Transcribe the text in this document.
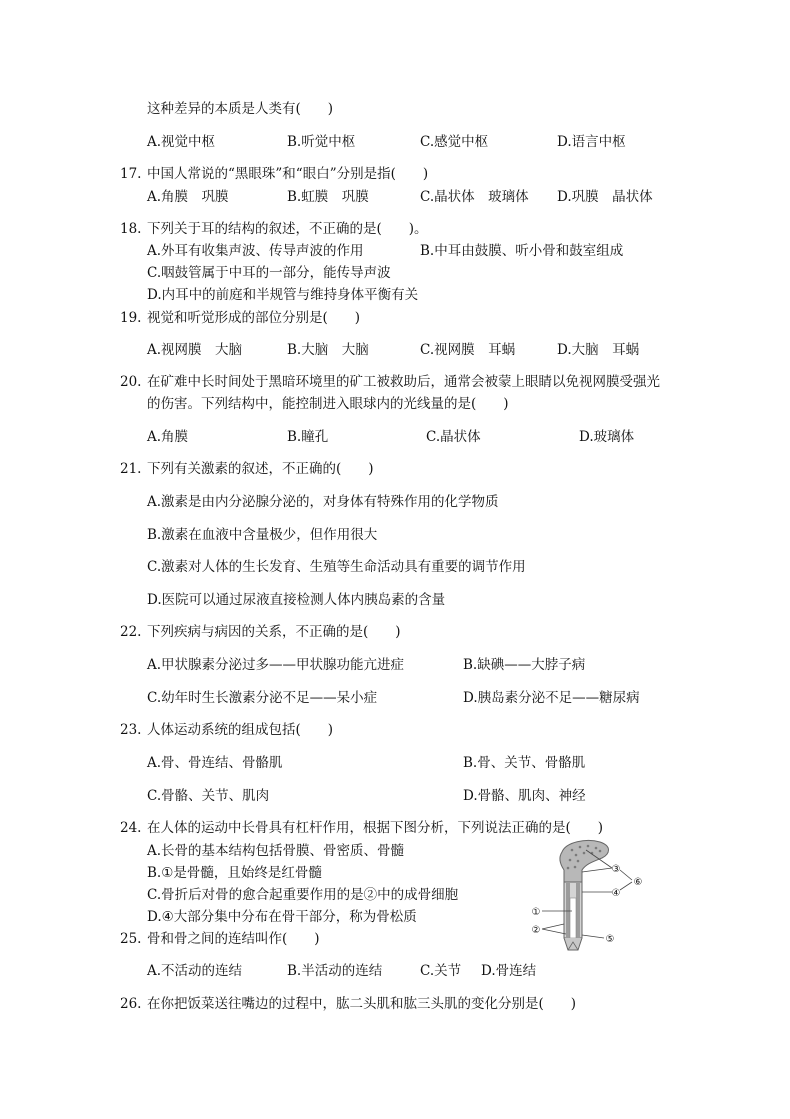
这种差异的本质是人类有(　　)
A.视觉中枢	B.听觉中枢	C.感觉中枢	D.语言中枢
17. 中国人常说的“黑眼珠”和“眼白”分别是指(　　)
A.角膜　巩膜	B.虹膜　巩膜	C.晶状体　玻璃体 D.巩膜　晶状体
18. 下列关于耳的结构的叙述，不正确的是(　　)。
A.外耳有收集声波、传导声波的作用	B.中耳由鼓膜、听小骨和鼓室组成
C.咽鼓管属于中耳的一部分，能传导声波
D.内耳中的前庭和半规管与维持身体平衡有关
19. 视觉和听觉形成的部位分别是(　　)
A.视网膜　大脑	B.大脑　大脑	C.视网膜　耳蜗	D.大脑　耳蜗
20. 在矿难中长时间处于黑暗环境里的矿工被救助后，通常会被蒙上眼睛以免视网膜受强光
的伤害。下列结构中，能控制进入眼球内的光线量的是(　　)
A.角膜	B.瞳孔	C.晶状体	D.玻璃体
21. 下列有关激素的叙述，不正确的(　　)
A.激素是由内分泌腺分泌的，对身体有特殊作用的化学物质
B.激素在血液中含量极少，但作用很大
C.激素对人体的生长发育、生殖等生命活动具有重要的调节作用
D.医院可以通过尿液直接检测人体内胰岛素的含量
22. 下列疾病与病因的关系，不正确的是(　　)
A.甲状腺素分泌过多——甲状腺功能亢进症	B.缺碘——大脖子病
C.幼年时生长激素分泌不足——呆小症	D.胰岛素分泌不足——糖尿病
23. 人体运动系统的组成包括(　　)
A.骨、骨连结、骨骼肌	B.骨、关节、骨骼肌
C.骨骼、关节、肌肉	D.骨骼、肌肉、神经
24. 在人体的运动中长骨具有杠杆作用，根据下图分析，下列说法正确的是(　　)
A.长骨的基本结构包括骨膜、骨密质、骨髓
B.①是骨髓，且始终是红骨髓
C.骨折后对骨的愈合起重要作用的是②中的成骨细胞
D.④大部分集中分布在骨干部分，称为骨松质
③
⑥
④
①
②
⑤
25. 骨和骨之间的连结叫作(　　)
A.不活动的连结	B.半活动的连结	C.关节 D.骨连结
26. 在你把饭菜送往嘴边的过程中，肱二头肌和肱三头肌的变化分别是(　　)
